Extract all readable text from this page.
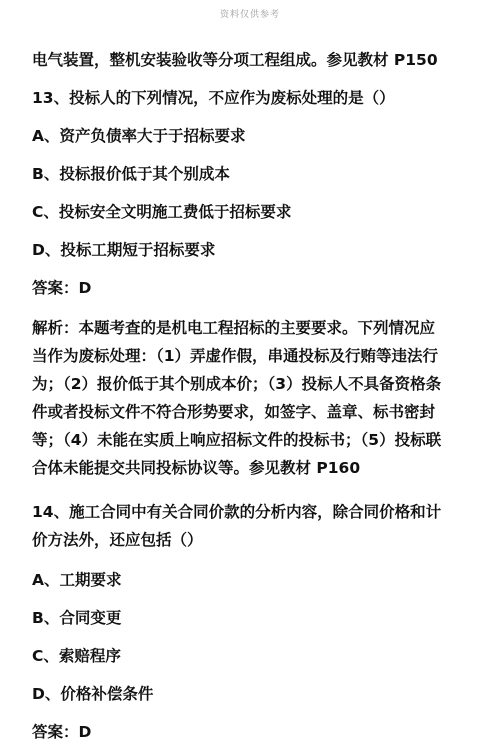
资料仅供参考
电气装置，整机安装验收等分项工程组成。参见教材 P150
13、投标人的下列情况，不应作为废标处理的是（）
A、资产负债率大于于招标要求
B、投标报价低于其个别成本
C、投标安全文明施工费低于招标要求
D、投标工期短于招标要求
答案：D
解析：本题考查的是机电工程招标的主要要求。下列情况应
当作为废标处理：（1）弄虚作假，串通投标及行贿等违法行
为；（2）报价低于其个别成本价；（3）投标人不具备资格条
件或者投标文件不符合形势要求，如签字、盖章、标书密封
等；（4）未能在实质上响应招标文件的投标书；（5）投标联
合体未能提交共同投标协议等。参见教材 P160
14、施工合同中有关合同价款的分析内容，除合同价格和计
价方法外，还应包括（）
A、工期要求
B、合同变更
C、索赔程序
D、价格补偿条件
答案：D
